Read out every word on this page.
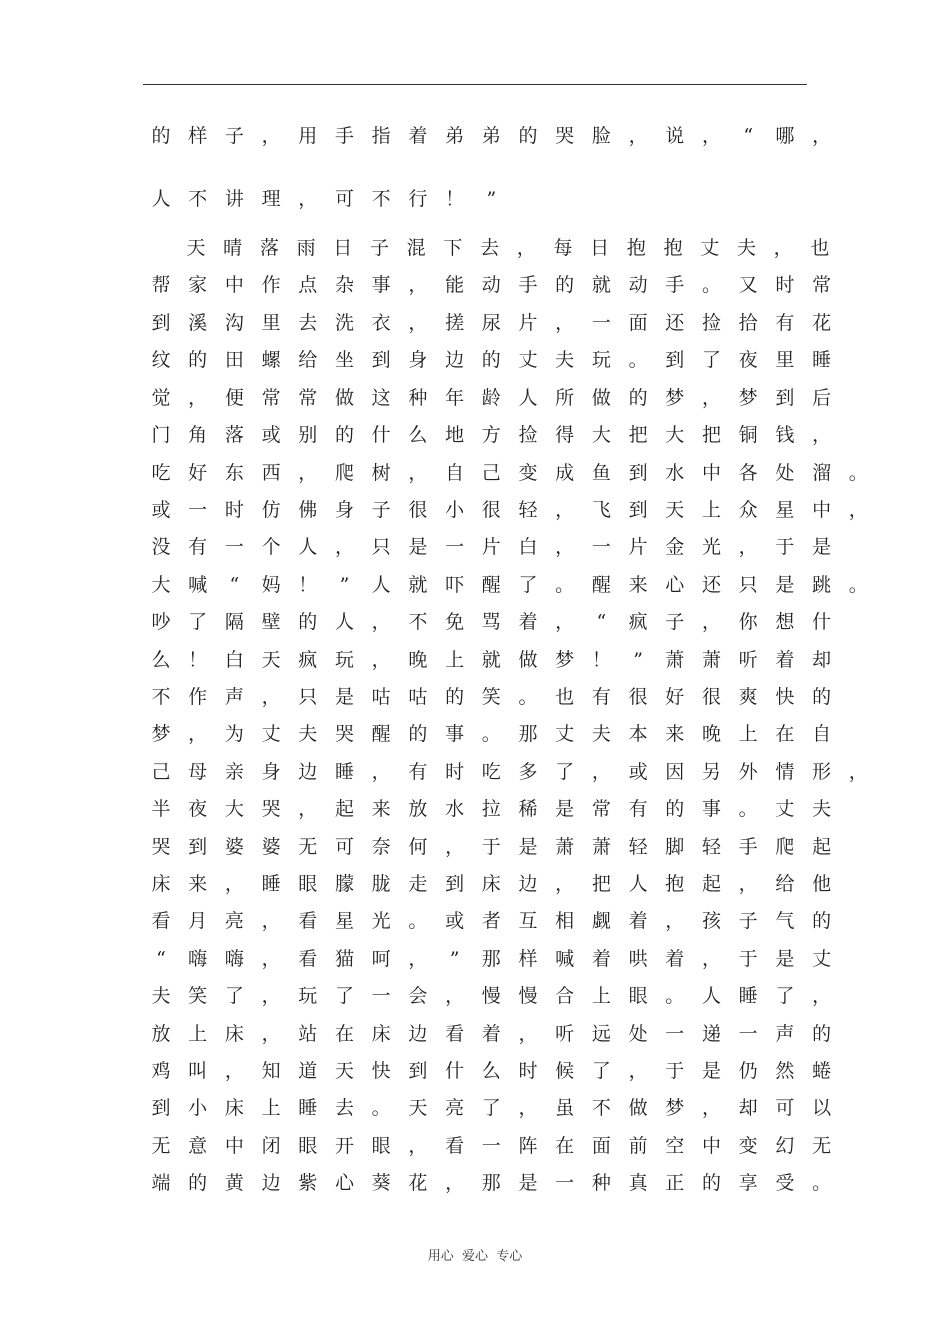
的 样 子 ， 用 手 指 着 弟 弟 的 哭 脸 ， 说 ，	“	哪 ，
人 不 讲 理 ， 可 不 行 ！	”
天 晴 落 雨 日 子 混 下 去 ， 每 日 抱 抱 丈 夫 ， 也
帮 家 中 作 点 杂 事 ， 能 动 手 的 就 动 手 。 又 时 常
到 溪 沟 里 去 洗 衣 ， 搓 尿 片 ， 一 面 还 捡 拾 有 花
纹 的 田 螺 给 坐 到 身 边 的 丈 夫 玩 。 到 了 夜 里 睡
觉 ， 便 常 常 做 这 种 年 龄 人 所 做 的 梦 ， 梦 到 后
门 角 落 或 别 的 什 么 地 方 捡 得 大 把 大 把 铜 钱 ，
吃 好 东 西 ， 爬 树 ， 自 己 变 成 鱼 到 水 中 各 处 溜 。
或 一 时 仿 佛 身 子 很 小 很 轻 ， 飞 到 天 上 众 星 中 ，
没 有 一 个 人 ， 只 是 一 片 白 ， 一 片 金 光 ， 于 是
大 喊	“	妈 ！	”	人 就 吓 醒 了 。 醒 来 心 还 只 是 跳 。
吵 了 隔 壁 的 人 ， 不 免 骂 着 ，	“	疯 子 ， 你 想 什
么 ！ 白 天 疯 玩 ， 晚 上 就 做 梦 ！	”	萧 萧 听 着 却
不 作 声 ， 只 是 咕 咕 的 笑 。 也 有 很 好 很 爽 快 的
梦 ， 为 丈 夫 哭 醒 的 事 。 那 丈 夫 本 来 晚 上 在 自
己 母 亲 身 边 睡 ， 有 时 吃 多 了 ， 或 因 另 外 情 形 ，
半 夜 大 哭 ， 起 来 放 水 拉 稀 是 常 有 的 事 。 丈 夫
哭 到 婆 婆 无 可 奈 何 ， 于 是 萧 萧 轻 脚 轻 手 爬 起
床 来 ， 睡 眼 朦 胧 走 到 床 边 ， 把 人 抱 起 ， 给 他
看 月 亮 ， 看 星 光 。 或 者 互 相 觑 着 ， 孩 子 气 的
“	嗨 嗨 ， 看 猫 呵 ，	”	那 样 喊 着 哄 着 ， 于 是 丈
夫 笑 了 ， 玩 了 一 会 ， 慢 慢 合 上 眼 。 人 睡 了 ，
放 上 床 ， 站 在 床 边 看 着 ， 听 远 处 一 递 一 声 的
鸡 叫 ， 知 道 天 快 到 什 么 时 候 了 ， 于 是 仍 然 蜷
到 小 床 上 睡 去 。 天 亮 了 ， 虽 不 做 梦 ， 却 可 以
无 意 中 闭 眼 开 眼 ， 看 一 阵 在 面 前 空 中 变 幻 无
端 的 黄 边 紫 心 葵 花 ， 那 是 一 种 真 正 的 享 受 。
用心  爱心  专心
